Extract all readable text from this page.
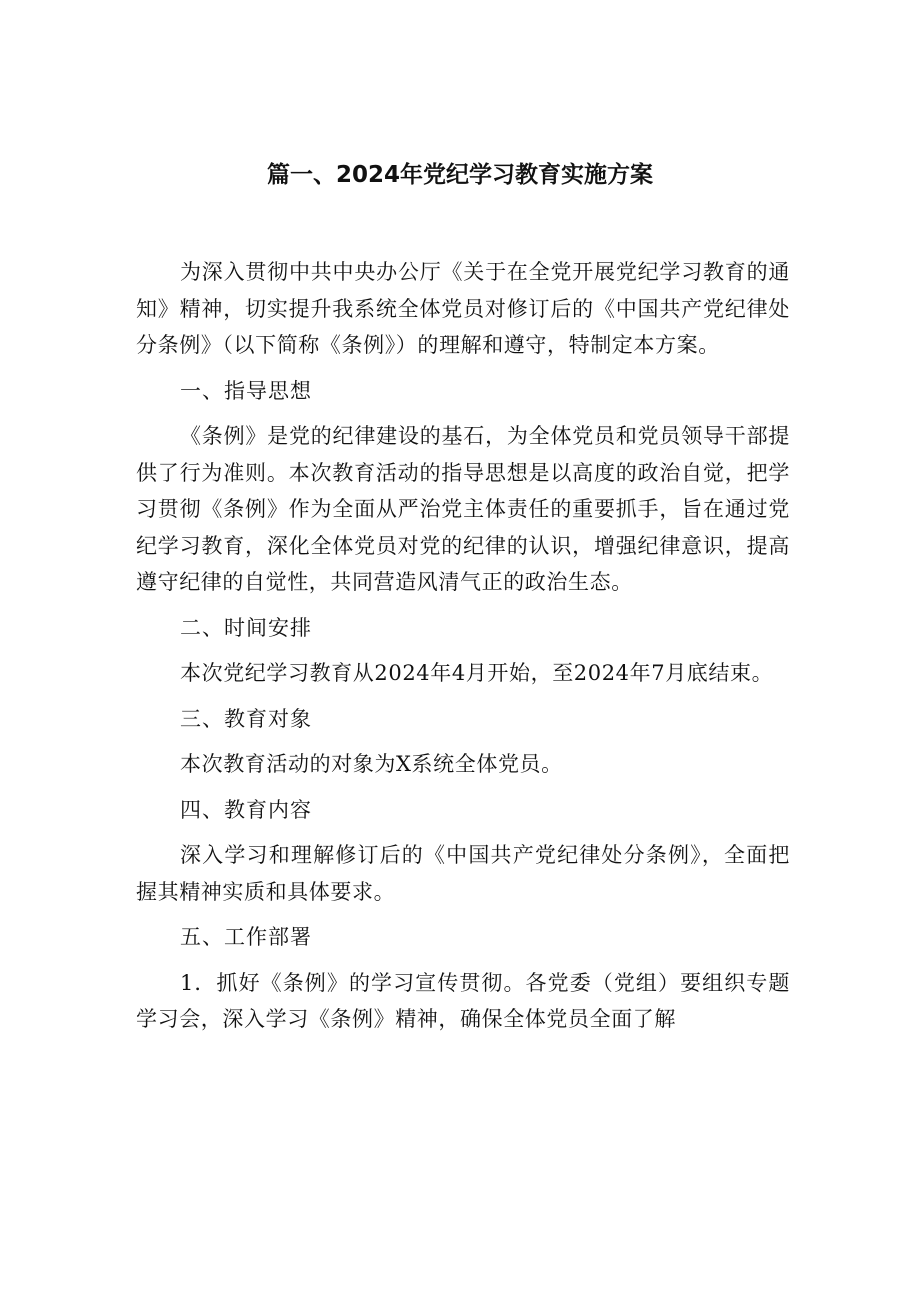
篇一、2024年党纪学习教育实施方案

为深入贯彻中共中央办公厅《关于在全党开展党纪学习教育的通知》精神，切实提升我系统全体党员对修订后的《中国共产党纪律处分条例》（以下简称《条例》）的理解和遵守，特制定本方案。

一、指导思想

《条例》是党的纪律建设的基石，为全体党员和党员领导干部提供了行为准则。本次教育活动的指导思想是以高度的政治自觉，把学习贯彻《条例》作为全面从严治党主体责任的重要抓手，旨在通过党纪学习教育，深化全体党员对党的纪律的认识，增强纪律意识，提高遵守纪律的自觉性，共同营造风清气正的政治生态。

二、时间安排

本次党纪学习教育从2024年4月开始，至2024年7月底结束。

三、教育对象

本次教育活动的对象为X系统全体党员。

四、教育内容

深入学习和理解修订后的《中国共产党纪律处分条例》，全面把握其精神实质和具体要求。

五、工作部署

1．抓好《条例》的学习宣传贯彻。各党委（党组）要组织专题学习会，深入学习《条例》精神，确保全体党员全面了解
